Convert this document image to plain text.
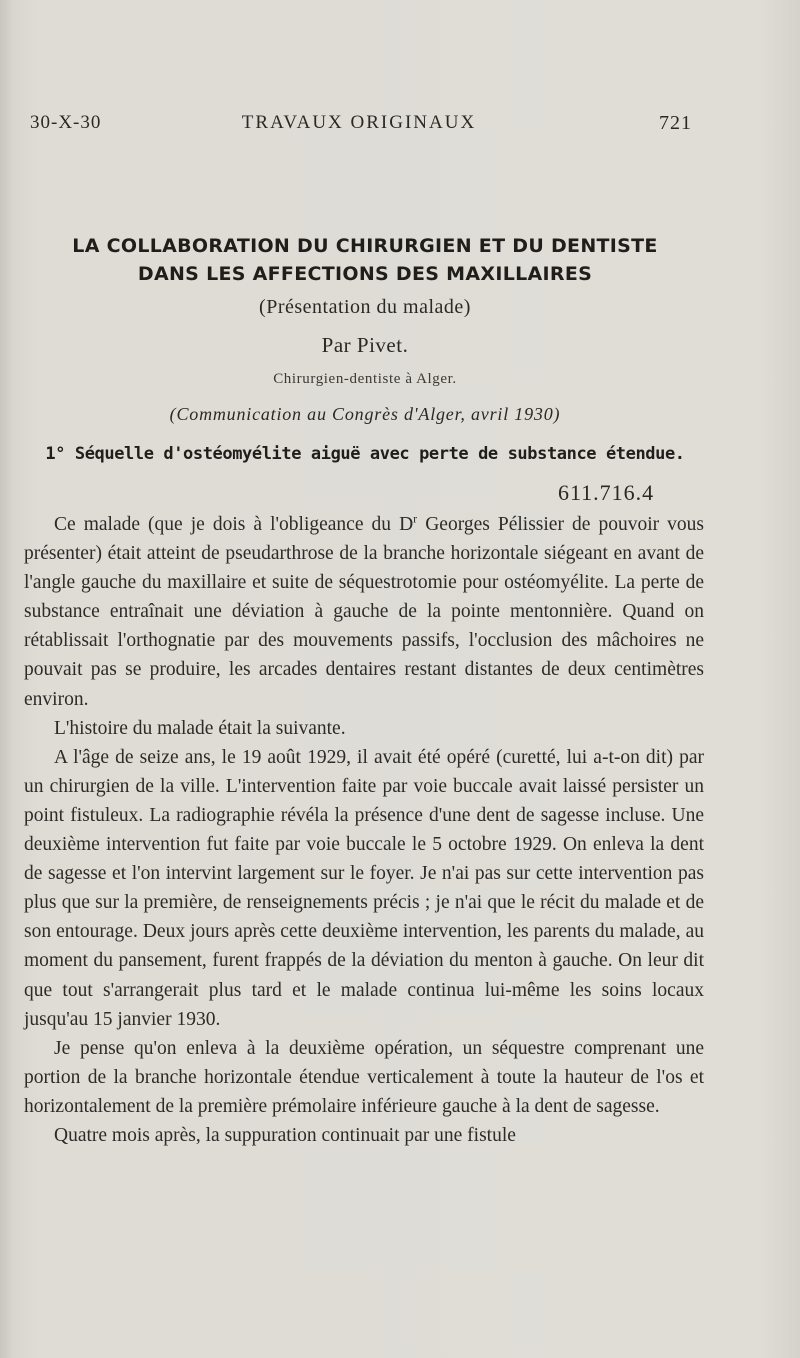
30-X-30	TRAVAUX ORIGINAUX	721
LA COLLABORATION DU CHIRURGIEN ET DU DENTISTE
DANS LES AFFECTIONS DES MAXILLAIRES
(Présentation du malade)
Par Pivet.
Chirurgien-dentiste à Alger.
(Communication au Congrès d'Alger, avril 1930)
1° Séquelle d'ostéomyélite aiguë avec perte de substance étendue.
611.716.4

Ce malade (que je dois à l'obligeance du $D^r$ Georges Pélissier de pouvoir vous présenter) était atteint de pseudarthrose de la branche horizontale siégeant en avant de l'angle gauche du maxillaire et suite de séquestrotomie pour ostéomyélite. La perte de substance entraînait une déviation à gauche de la pointe mentonnière. Quand on rétablissait l'orthognatie par des mouvements passifs, l'occlusion des mâchoires ne pouvait pas se produire, les arcades dentaires restant distantes de deux centimètres environ.

L'histoire du malade était la suivante.

A l'âge de seize ans, le 19 août 1929, il avait été opéré (curetté, lui a-t-on dit) par un chirurgien de la ville. L'intervention faite par voie buccale avait laissé persister un point fistuleux. La radiographie révéla la présence d'une dent de sagesse incluse. Une deuxième intervention fut faite par voie buccale le 5 octobre 1929. On enleva la dent de sagesse et l'on intervint largement sur le foyer. Je n'ai pas sur cette intervention pas plus que sur la première, de renseignements précis ; je n'ai que le récit du malade et de son entourage. Deux jours après cette deuxième intervention, les parents du malade, au moment du pansement, furent frappés de la déviation du menton à gauche. On leur dit que tout s'arrangerait plus tard et le malade continua lui-même les soins locaux jusqu'au 15 janvier 1930.

Je pense qu'on enleva à la deuxième opération, un séquestre comprenant une portion de la branche horizontale étendue verticalement à toute la hauteur de l'os et horizontalement de la première prémolaire inférieure gauche à la dent de sagesse.

Quatre mois après, la suppuration continuait par une fistule
